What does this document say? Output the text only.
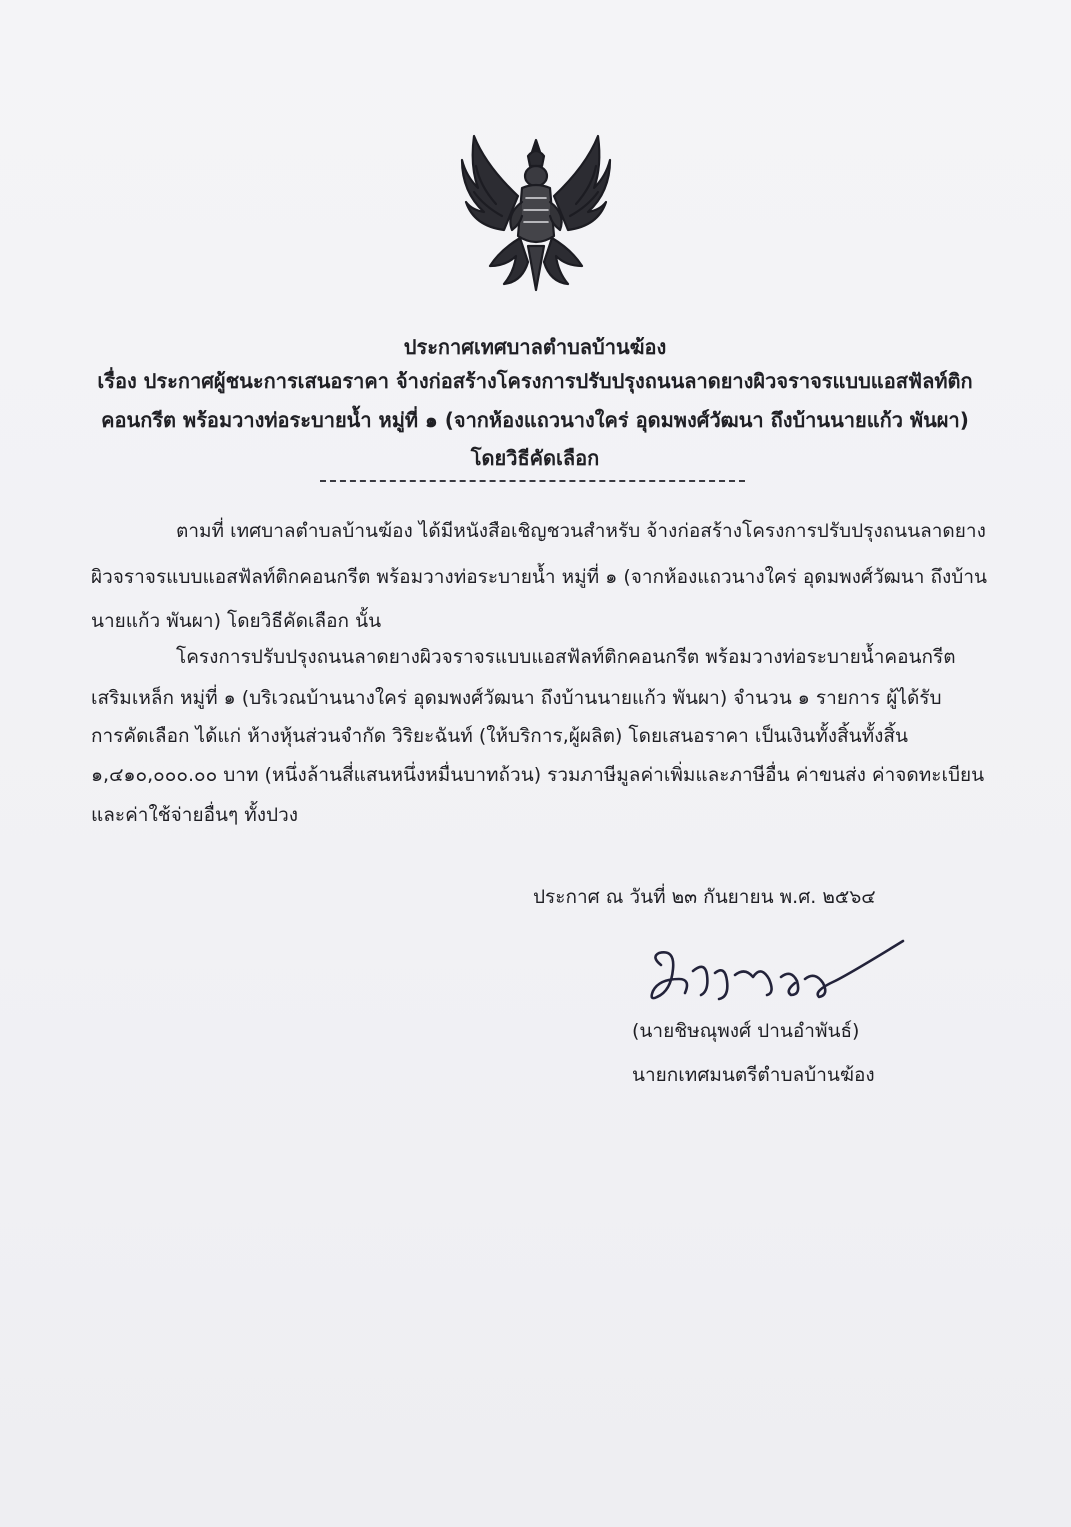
ประกาศเทศบาลตำบลบ้านฆ้อง
เรื่อง ประกาศผู้ชนะการเสนอราคา จ้างก่อสร้างโครงการปรับปรุงถนนลาดยางผิวจราจรแบบแอสฟัลท์ติก
คอนกรีต พร้อมวางท่อระบายน้ำ หมู่ที่ ๑ (จากห้องแถวนางใคร่ อุดมพงศ์วัฒนา ถึงบ้านนายแก้ว พันผา)
โดยวิธีคัดเลือก
ตามที่ เทศบาลตำบลบ้านฆ้อง ได้มีหนังสือเชิญชวนสำหรับ จ้างก่อสร้างโครงการปรับปรุงถนนลาดยาง
ผิวจราจรแบบแอสฟัลท์ติกคอนกรีต พร้อมวางท่อระบายน้ำ หมู่ที่ ๑ (จากห้องแถวนางใคร่ อุดมพงศ์วัฒนา ถึงบ้าน
นายแก้ว พันผา) โดยวิธีคัดเลือก นั้น
โครงการปรับปรุงถนนลาดยางผิวจราจรแบบแอสฟัลท์ติกคอนกรีต พร้อมวางท่อระบายน้ำคอนกรีต
เสริมเหล็ก หมู่ที่ ๑ (บริเวณบ้านนางใคร่ อุดมพงศ์วัฒนา ถึงบ้านนายแก้ว พันผา) จำนวน ๑ รายการ ผู้ได้รับ
การคัดเลือก ได้แก่ ห้างหุ้นส่วนจำกัด วิริยะฉันท์ (ให้บริการ,ผู้ผลิต) โดยเสนอราคา เป็นเงินทั้งสิ้นทั้งสิ้น
๑,๔๑๐,๐๐๐.๐๐ บาท (หนึ่งล้านสี่แสนหนึ่งหมื่นบาทถ้วน) รวมภาษีมูลค่าเพิ่มและภาษีอื่น ค่าขนส่ง ค่าจดทะเบียน
และค่าใช้จ่ายอื่นๆ ทั้งปวง
ประกาศ ณ วันที่ ๒๓ กันยายน พ.ศ. ๒๕๖๔
(นายชิษณุพงศ์ ปานอำพันธ์)
นายกเทศมนตรีตำบลบ้านฆ้อง
